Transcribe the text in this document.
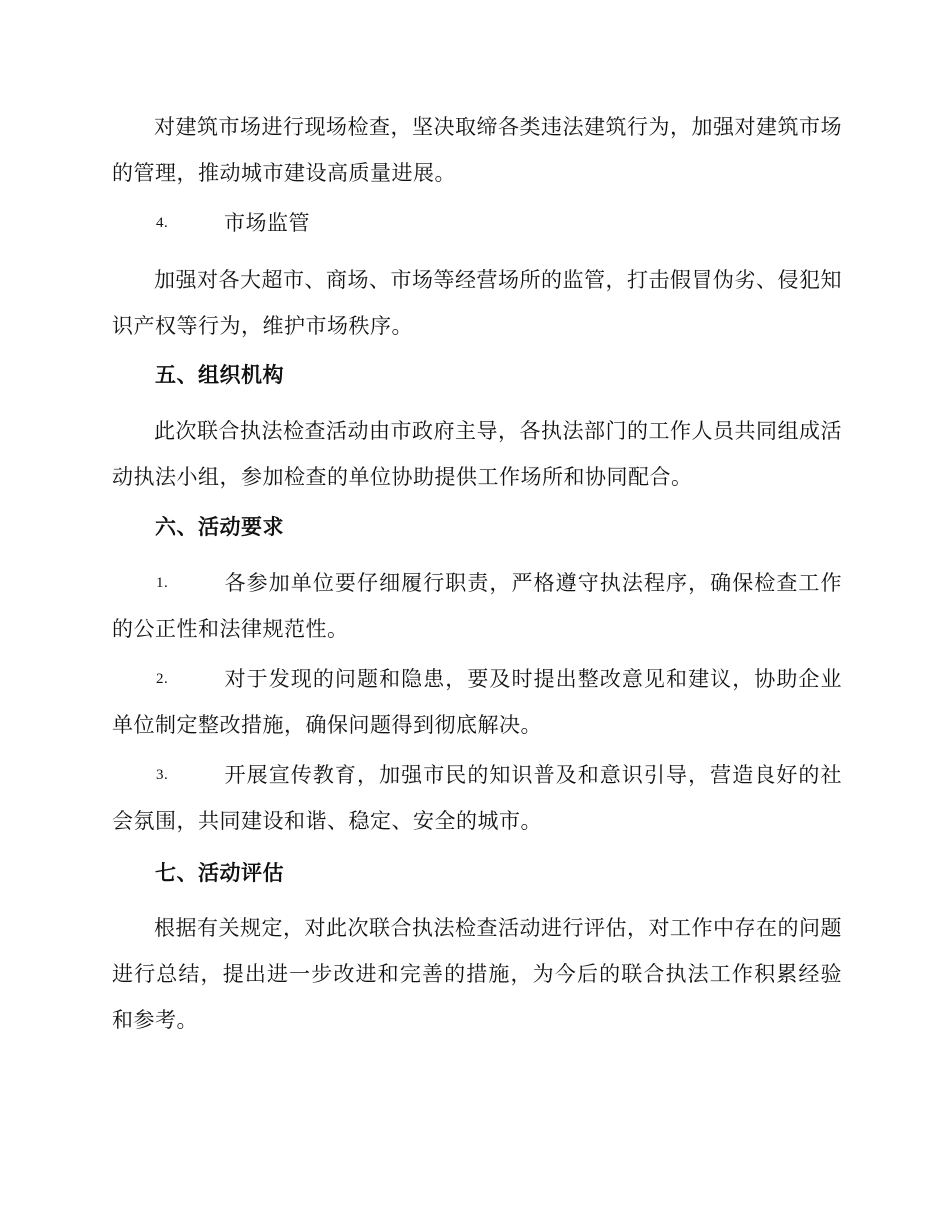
对建筑市场进行现场检查，坚决取缔各类违法建筑行为，加强对建筑市场的管理，推动城市建设高质量进展。
4.	市场监管
加强对各大超市、商场、市场等经营场所的监管，打击假冒伪劣、侵犯知识产权等行为，维护市场秩序。
五、组织机构
此次联合执法检查活动由市政府主导，各执法部门的工作人员共同组成活动执法小组，参加检查的单位协助提供工作场所和协同配合。
六、活动要求
1.	各参加单位要仔细履行职责，严格遵守执法程序，确保检查工作的公正性和法律规范性。
2.	对于发现的问题和隐患，要及时提出整改意见和建议，协助企业单位制定整改措施，确保问题得到彻底解决。
3.	开展宣传教育，加强市民的知识普及和意识引导，营造良好的社会氛围，共同建设和谐、稳定、安全的城市。
七、活动评估
根据有关规定，对此次联合执法检查活动进行评估，对工作中存在的问题进行总结，提出进一步改进和完善的措施，为今后的联合执法工作积累经验和参考。
